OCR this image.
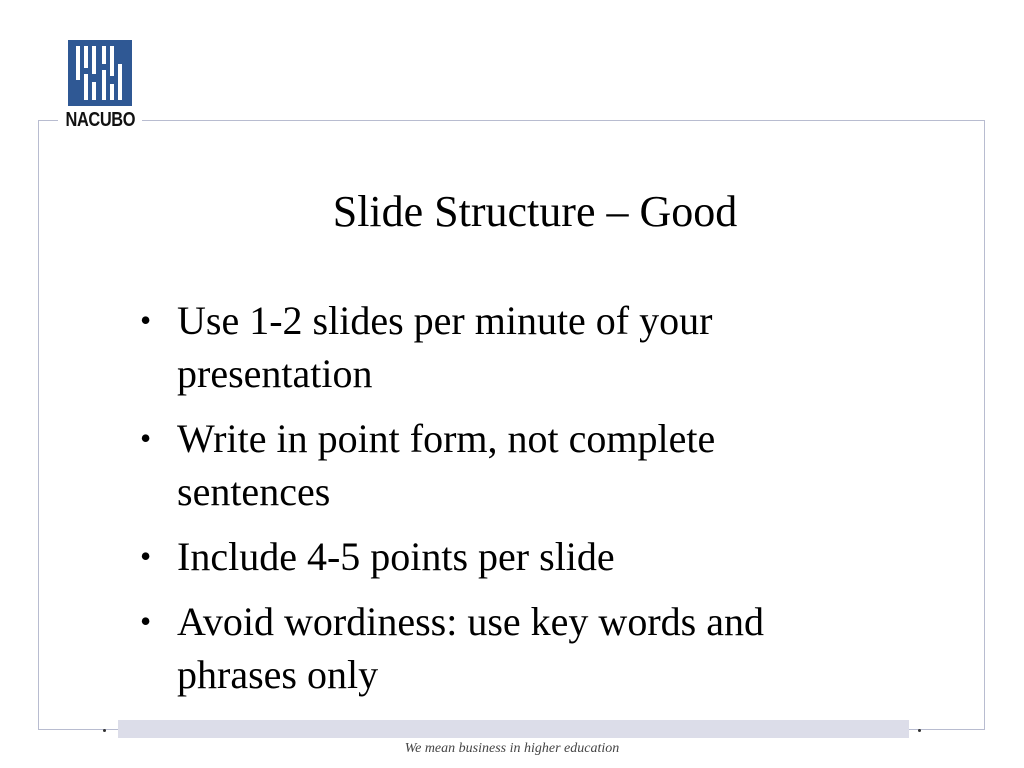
NACUBO
Slide Structure – Good
• Use 1-2 slides per minute of your presentation
• Write in point form, not complete sentences
• Include 4-5 points per slide
• Avoid wordiness: use key words and phrases only
We mean business in higher education
